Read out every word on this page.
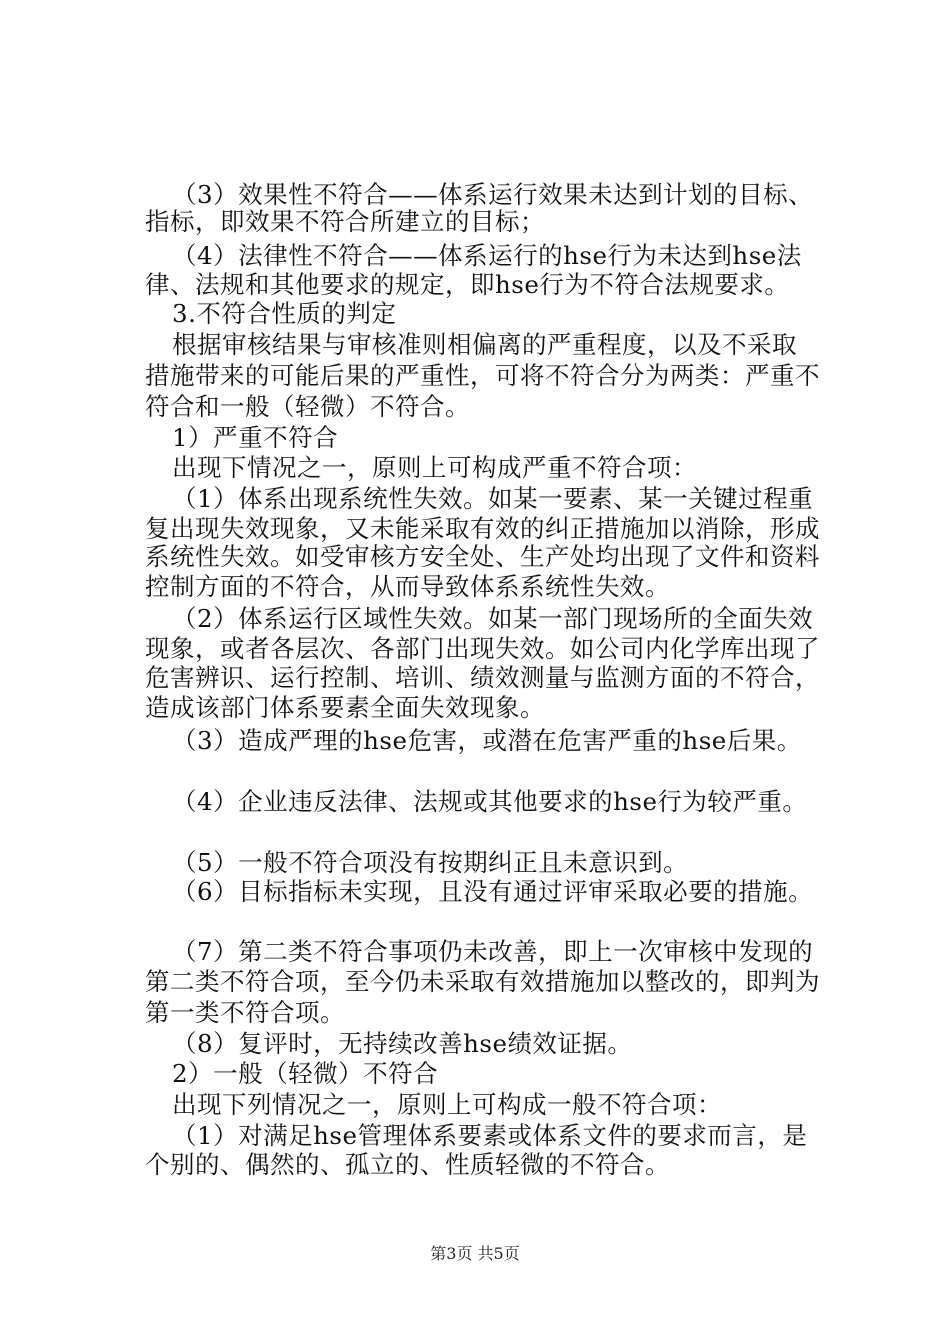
（3）效果性不符合——体系运行效果未达到计划的目标、
指标，即效果不符合所建立的目标；
（4）法律性不符合——体系运行的hse行为未达到hse法
律、法规和其他要求的规定，即hse行为不符合法规要求。
3.不符合性质的判定
根据审核结果与审核准则相偏离的严重程度，以及不采取
措施带来的可能后果的严重性，可将不符合分为两类：严重不
符合和一般（轻微）不符合。
1）严重不符合
出现下情况之一，原则上可构成严重不符合项：
（1）体系出现系统性失效。如某一要素、某一关键过程重
复出现失效现象，又未能采取有效的纠正措施加以消除，形成
系统性失效。如受审核方安全处、生产处均出现了文件和资料
控制方面的不符合，从而导致体系系统性失效。
（2）体系运行区域性失效。如某一部门现场所的全面失效
现象，或者各层次、各部门出现失效。如公司内化学库出现了
危害辨识、运行控制、培训、绩效测量与监测方面的不符合，
造成该部门体系要素全面失效现象。
（3）造成严理的hse危害，或潜在危害严重的hse后果。
（4）企业违反法律、法规或其他要求的hse行为较严重。
（5）一般不符合项没有按期纠正且未意识到。
（6）目标指标未实现，且没有通过评审采取必要的措施。
（7）第二类不符合事项仍未改善，即上一次审核中发现的
第二类不符合项，至今仍未采取有效措施加以整改的，即判为
第一类不符合项。
（8）复评时，无持续改善hse绩效证据。
2）一般（轻微）不符合
出现下列情况之一，原则上可构成一般不符合项：
（1）对满足hse管理体系要素或体系文件的要求而言，是
个别的、偶然的、孤立的、性质轻微的不符合。
第3页 共5页
